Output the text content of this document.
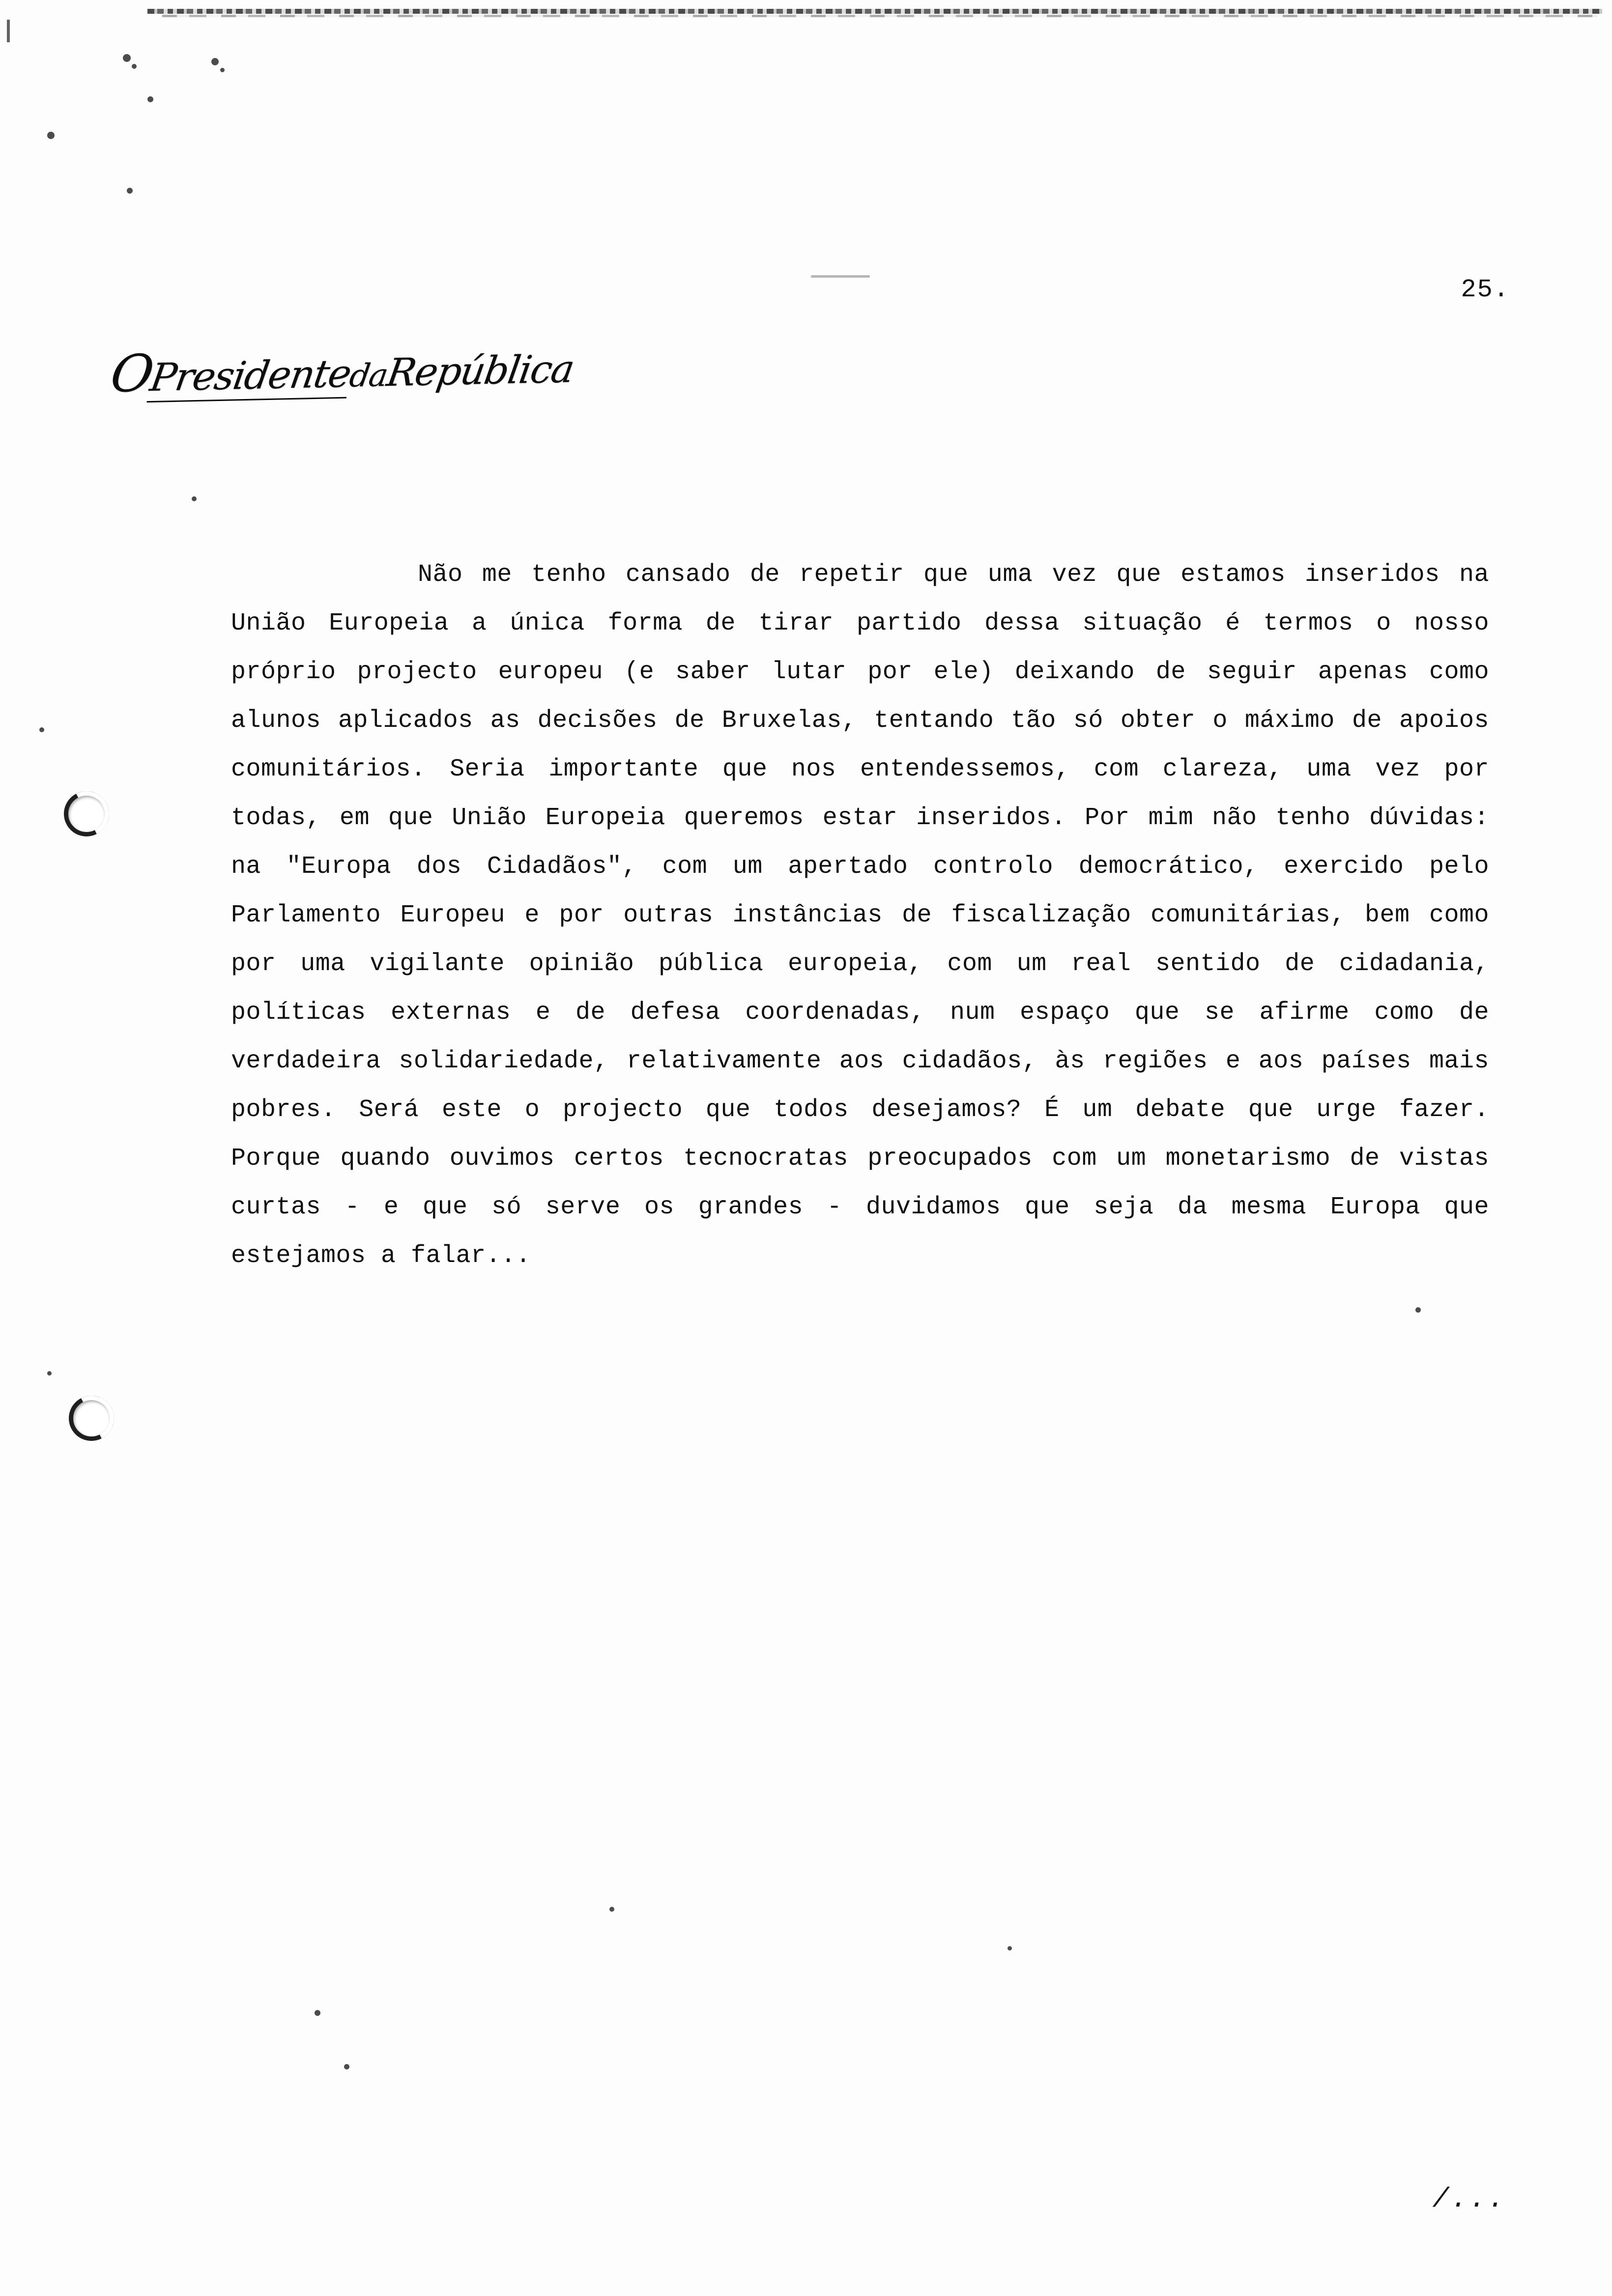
25.
OPresidentedaRepública

Não me tenho cansado de repetir que uma vez que estamos inseridos na União Europeia a única forma de tirar partido dessa situação é termos o nosso próprio projecto europeu (e saber lutar por ele) deixando de seguir apenas como alunos aplicados as decisões de Bruxelas, tentando tão só obter o máximo de apoios comunitários. Seria importante que nos entendessemos, com clareza, uma vez por todas, em que União Europeia queremos estar inseridos. Por mim não tenho dúvidas: na "Europa dos Cidadãos", com um apertado controlo democrático, exercido pelo Parlamento Europeu e por outras instâncias de fiscalização comunitárias, bem como por uma vigilante opinião pública europeia, com um real sentido de cidadania, políticas externas e de defesa coordenadas, num espaço que se afirme como de verdadeira solidariedade, relativamente aos cidadãos, às regiões e aos países mais pobres. Será este o projecto que todos desejamos? É um debate que urge fazer. Porque quando ouvimos certos tecnocratas preocupados com um monetarismo de vistas curtas - e que só serve os grandes - duvidamos que seja da mesma Europa que estejamos a falar...

/...
